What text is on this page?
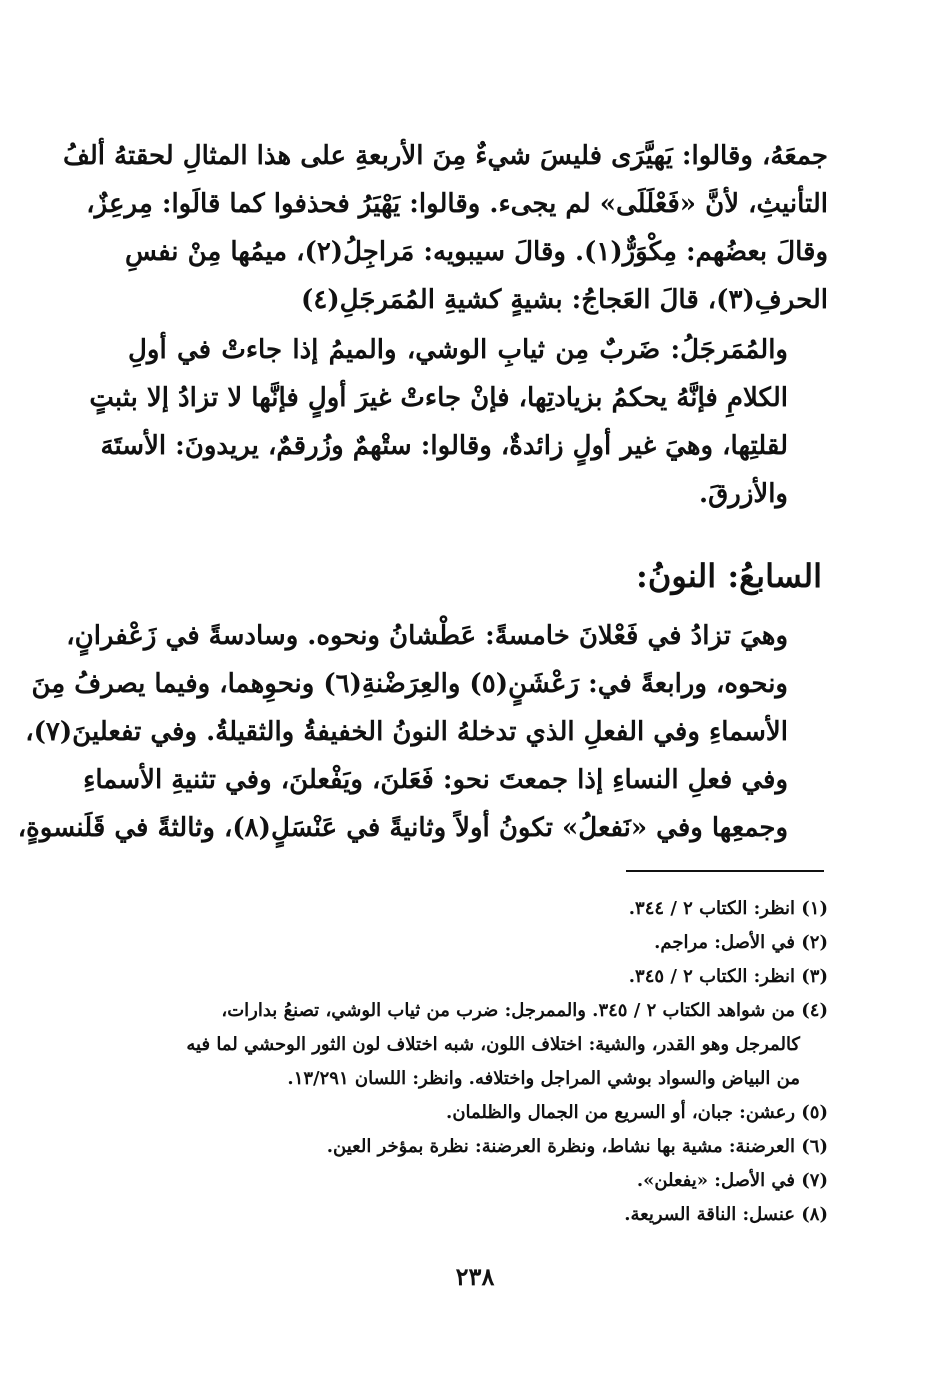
جمعَهُ، وقالوا: يَهيَّرَى فليسَ شيءٌ مِنَ الأربعةِ على هذا المثالِ لحقتهُ ألفُ
التأنيثِ، لأنَّ «فَعْلَلَى» لم يجىء. وقالوا: يَهْيَرُ فحذفوا كما قالَوا: مِرعِزٌ،
وقالَ بعضُهم: مِكْوَرٌّ(١). وقالَ سيبويه: مَراجِلُ(٢)، ميمُها مِنْ نفسِ
الحرفِ(٣)، قالَ العَجاجُ: بشيةٍ كشيةِ المُمَرجَلِ(٤)
والمُمَرجَلُ: ضَربٌ مِن ثيابِ الوشي، والميمُ إذا جاءتْ في أولِ
الكلامِ فإنَّهُ يحكمُ بزيادتِها، فإنْ جاءتْ غيرَ أولٍ فإنَّها لا تزادُ إلا بثبتٍ
لقلتِها، وهيَ غير أولٍ زائدةٌ، وقالوا: ستْهمٌ وزُرقمٌ، يريدونَ: الأستَهَ
والأزرقَ.
السابعُ: النونُ:
وهيَ تزادُ في فَعْلانَ خامسةً: عَطْشانُ ونحوه. وسادسةً في زَعْفرانٍ،
ونحوه، ورابعةً في: رَعْشَنٍ(٥) والعِرَضْنةِ(٦) ونحوِهما، وفيما يصرفُ مِنَ
الأسماءِ وفي الفعلِ الذي تدخلهُ النونُ الخفيفةُ والثقيلةُ. وفي تفعلينَ(٧)،
وفي فعلِ النساءِ إذا جمعتَ نحو: فَعَلنَ، ويَفْعلنَ، وفي تثنيةِ الأسماءِ
وجمعِها وفي «نَفعلُ» تكونُ أولاً وثانيةً في عَنْسَلٍ(٨)، وثالثةً في قَلَنسوةٍ،
(١) انظر: الكتاب ٢ / ٣٤٤.
(٢) في الأصل: مراجم.
(٣) انظر: الكتاب ٢ / ٣٤٥.
(٤) من شواهد الكتاب ٢ / ٣٤٥. والممرجل: ضرب من ثياب الوشي، تصنعُ بدارات،
كالمرجل وهو القدر، والشية: اختلاف اللون، شبه اختلاف لون الثور الوحشي لما فيه
من البياض والسواد بوشي المراجل واختلافه. وانظر: اللسان ١٣/٢٩١.
(٥) رعشن: جبان، أو السريع من الجمال والظلمان.
(٦) العرضنة: مشية بها نشاط، ونظرة العرضنة: نظرة بمؤخر العين.
(٧) في الأصل: «يفعلن».
(٨) عنسل: الناقة السريعة.
٢٣٨
